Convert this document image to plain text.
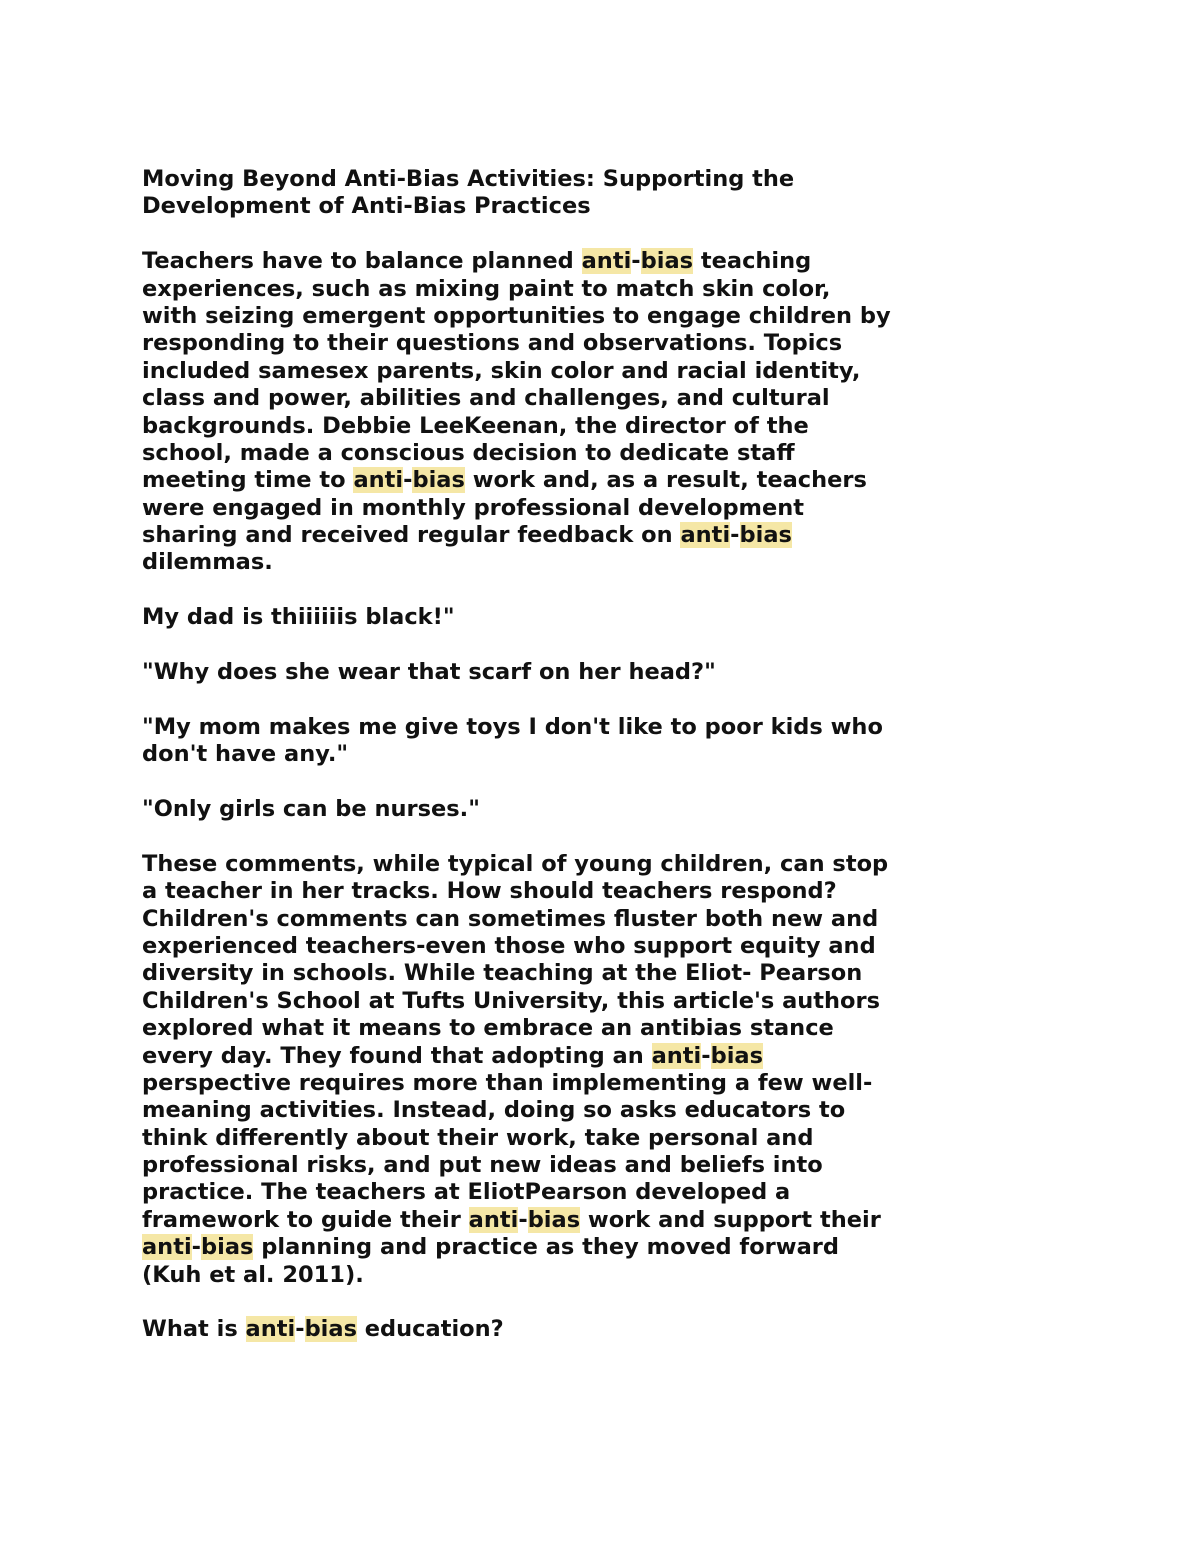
Moving Beyond Anti-Bias Activities: Supporting the
Development of Anti-Bias Practices
Teachers have to balance planned anti-bias teaching
experiences, such as mixing paint to match skin color,
with seizing emergent opportunities to engage children by
responding to their questions and observations. Topics
included samesex parents, skin color and racial identity,
class and power, abilities and challenges, and cultural
backgrounds. Debbie LeeKeenan, the director of the
school, made a conscious decision to dedicate staff
meeting time to anti-bias work and, as a result, teachers
were engaged in monthly professional development
sharing and received regular feedback on anti-bias
dilemmas.
My dad is thiiiiiis black!"
"Why does she wear that scarf on her head?"
"My mom makes me give toys I don't like to poor kids who
don't have any."
"Only girls can be nurses."
These comments, while typical of young children, can stop
a teacher in her tracks. How should teachers respond?
Children's comments can sometimes fluster both new and
experienced teachers-even those who support equity and
diversity in schools. While teaching at the Eliot- Pearson
Children's School at Tufts University, this article's authors
explored what it means to embrace an antibias stance
every day. They found that adopting an anti-bias
perspective requires more than implementing a few well-
meaning activities. Instead, doing so asks educators to
think differently about their work, take personal and
professional risks, and put new ideas and beliefs into
practice. The teachers at EliotPearson developed a
framework to guide their anti-bias work and support their
anti-bias planning and practice as they moved forward
(Kuh et al. 2011).
What is anti-bias education?
